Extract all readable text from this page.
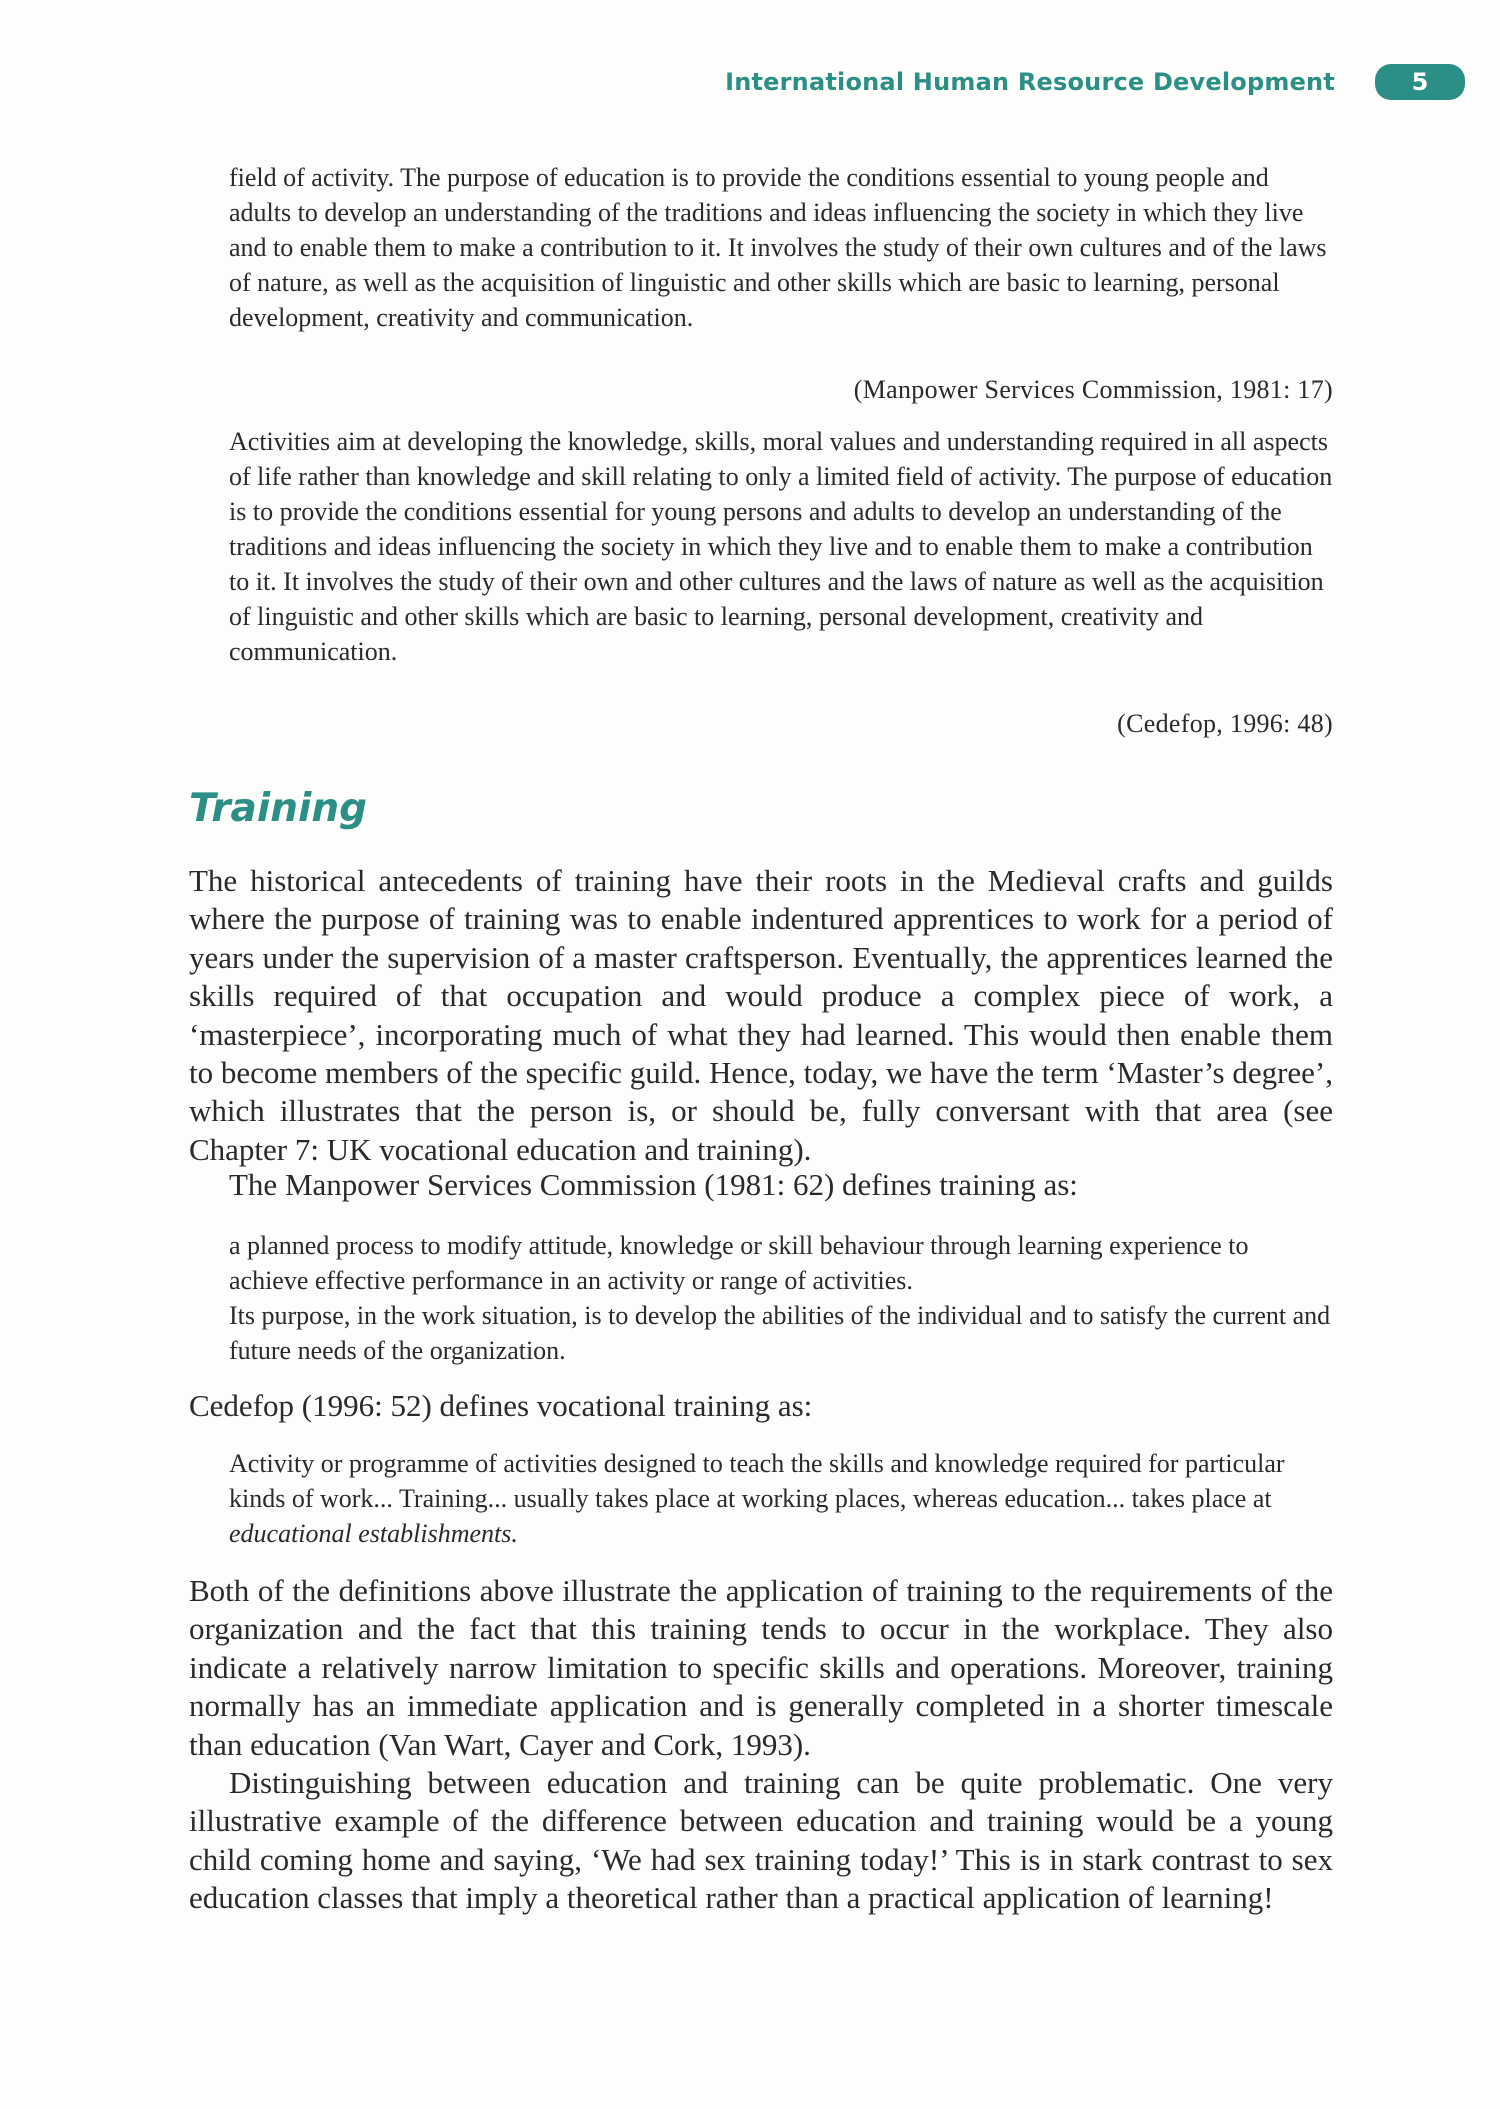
International Human Resource Development	5

field of activity. The purpose of education is to provide the conditions essential to young people and adults to develop an understanding of the traditions and ideas influencing the society in which they live and to enable them to make a contribution to it. It involves the study of their own cultures and of the laws of nature, as well as the acquisition of linguistic and other skills which are basic to learning, personal development, creativity and communication.

(Manpower Services Commission, 1981: 17)

Activities aim at developing the knowledge, skills, moral values and understanding required in all aspects of life rather than knowledge and skill relating to only a limited field of activity. The purpose of education is to provide the conditions essential for young persons and adults to develop an understanding of the traditions and ideas influencing the society in which they live and to enable them to make a contribution to it. It involves the study of their own and other cultures and the laws of nature as well as the acquisition of linguistic and other skills which are basic to learning, personal development, creativity and communication.

(Cedefop, 1996: 48)

Training

The historical antecedents of training have their roots in the Medieval crafts and guilds where the purpose of training was to enable indentured apprentices to work for a period of years under the supervision of a master craftsperson. Eventually, the apprentices learned the skills required of that occupation and would produce a complex piece of work, a ‘masterpiece’, incorporating much of what they had learned. This would then enable them to become members of the specific guild. Hence, today, we have the term ‘Master’s degree’, which illustrates that the person is, or should be, fully conversant with that area (see Chapter 7: UK vocational education and training).

The Manpower Services Commission (1981: 62) defines training as:

a planned process to modify attitude, knowledge or skill behaviour through learning experience to achieve effective performance in an activity or range of activities.
Its purpose, in the work situation, is to develop the abilities of the individual and to satisfy the current and future needs of the organization.

Cedefop (1996: 52) defines vocational training as:

Activity or programme of activities designed to teach the skills and knowledge required for particular kinds of work... Training... usually takes place at working places, whereas education... takes place at educational establishments.

Both of the definitions above illustrate the application of training to the requirements of the organization and the fact that this training tends to occur in the workplace. They also indicate a relatively narrow limitation to specific skills and operations. Moreover, training normally has an immediate application and is generally completed in a shorter timescale than education (Van Wart, Cayer and Cork, 1993).

Distinguishing between education and training can be quite problematic. One very illustrative example of the difference between education and training would be a young child coming home and saying, ‘We had sex training today!’ This is in stark contrast to sex education classes that imply a theoretical rather than a practical application of learning!
